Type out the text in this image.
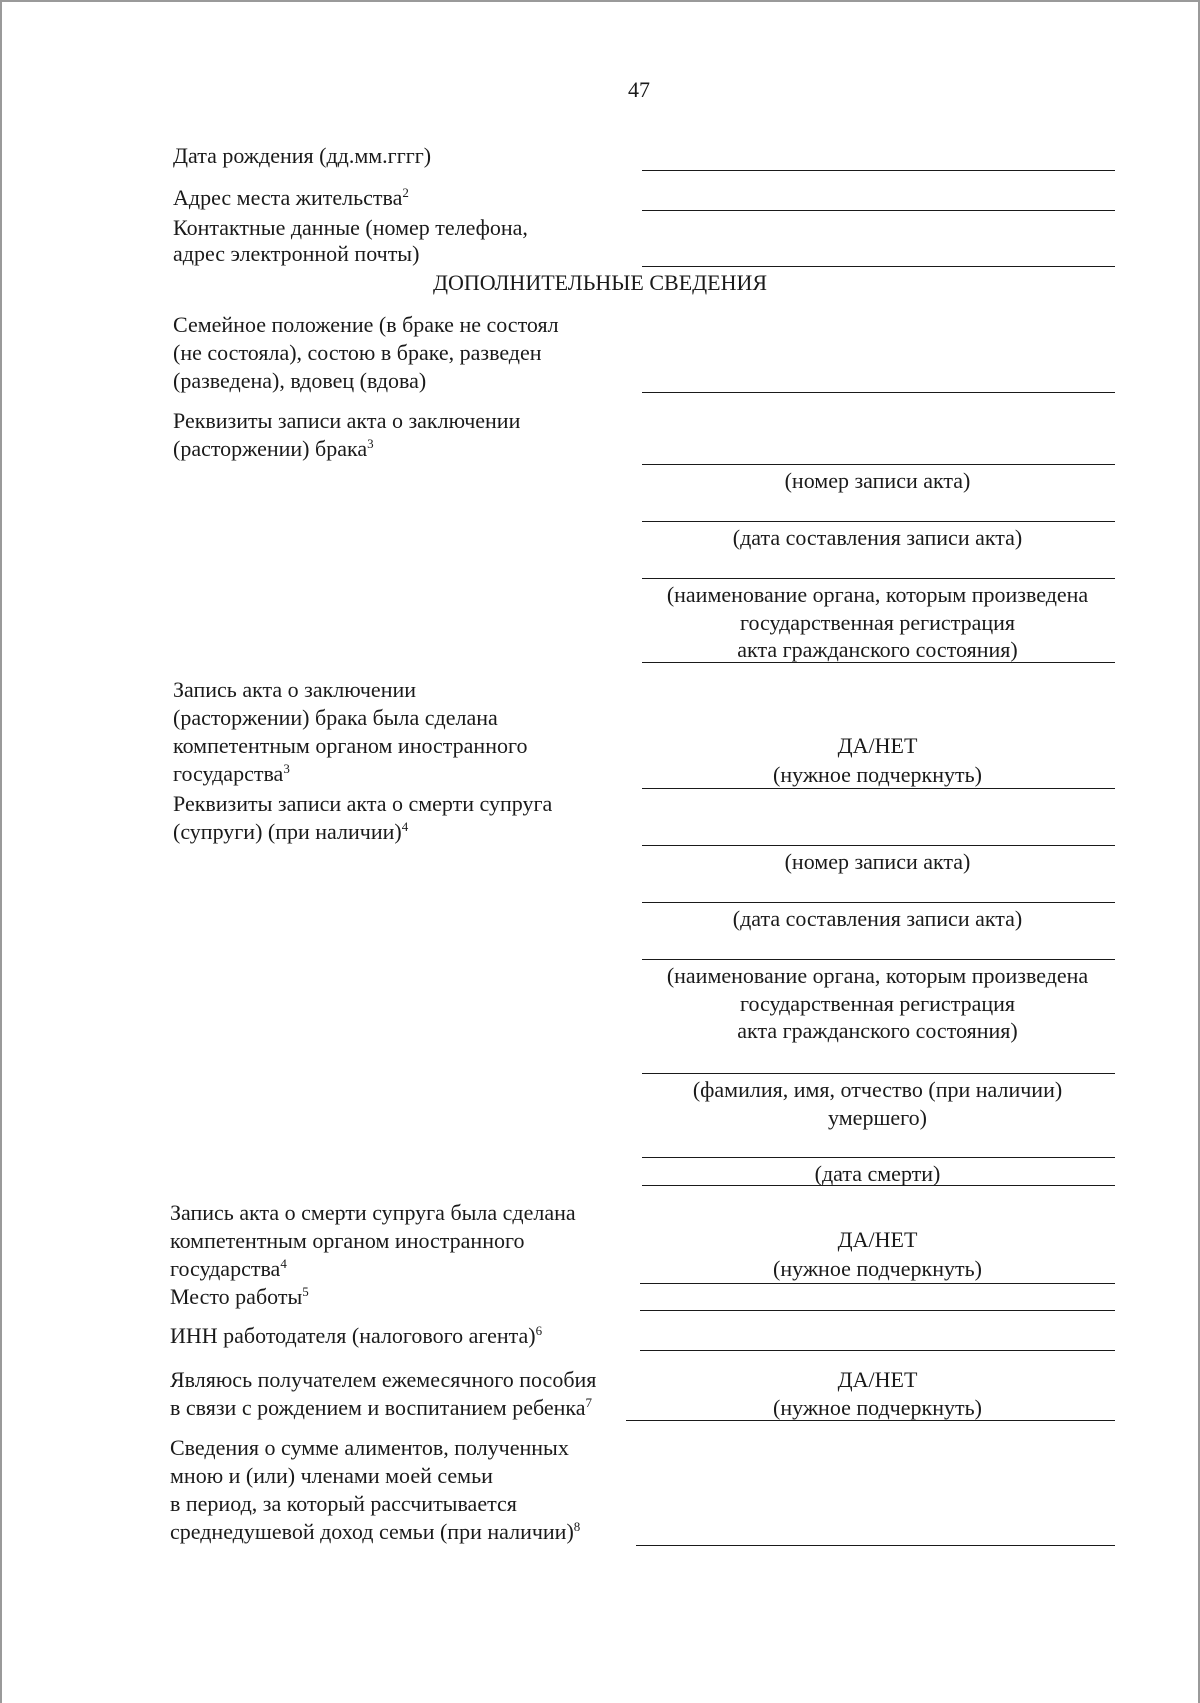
47
Дата рождения (дд.мм.гггг)
Адрес места жительства$^2$
Контактные данные (номер телефона,
адрес электронной почты)
ДОПОЛНИТЕЛЬНЫЕ СВЕДЕНИЯ
Семейное положение (в браке не состоял
(не состояла), состою в браке, разведен
(разведена), вдовец (вдова)
Реквизиты записи акта о заключении
(расторжении) брака$^3$
(номер записи акта)
(дата составления записи акта)
(наименование органа, которым произведена
государственная регистрация
акта гражданского состояния)
Запись акта о заключении
(расторжении) брака была сделана
компетентным органом иностранного
государства$^3$
ДА/НЕТ
(нужное подчеркнуть)
Реквизиты записи акта о смерти супруга
(супруги) (при наличии)$^4$
(номер записи акта)
(дата составления записи акта)
(наименование органа, которым произведена
государственная регистрация
акта гражданского состояния)
(фамилия, имя, отчество (при наличии)
умершего)
(дата смерти)
Запись акта о смерти супруга была сделана
компетентным органом иностранного
государства$^4$
ДА/НЕТ
(нужное подчеркнуть)
Место работы$^5$
ИНН работодателя (налогового агента)$^6$
Являюсь получателем ежемесячного пособия
в связи с рождением и воспитанием ребенка$^7$
ДА/НЕТ
(нужное подчеркнуть)
Сведения о сумме алиментов, полученных
мною и (или) членами моей семьи
в период, за который рассчитывается
среднедушевой доход семьи (при наличии)$^8$
